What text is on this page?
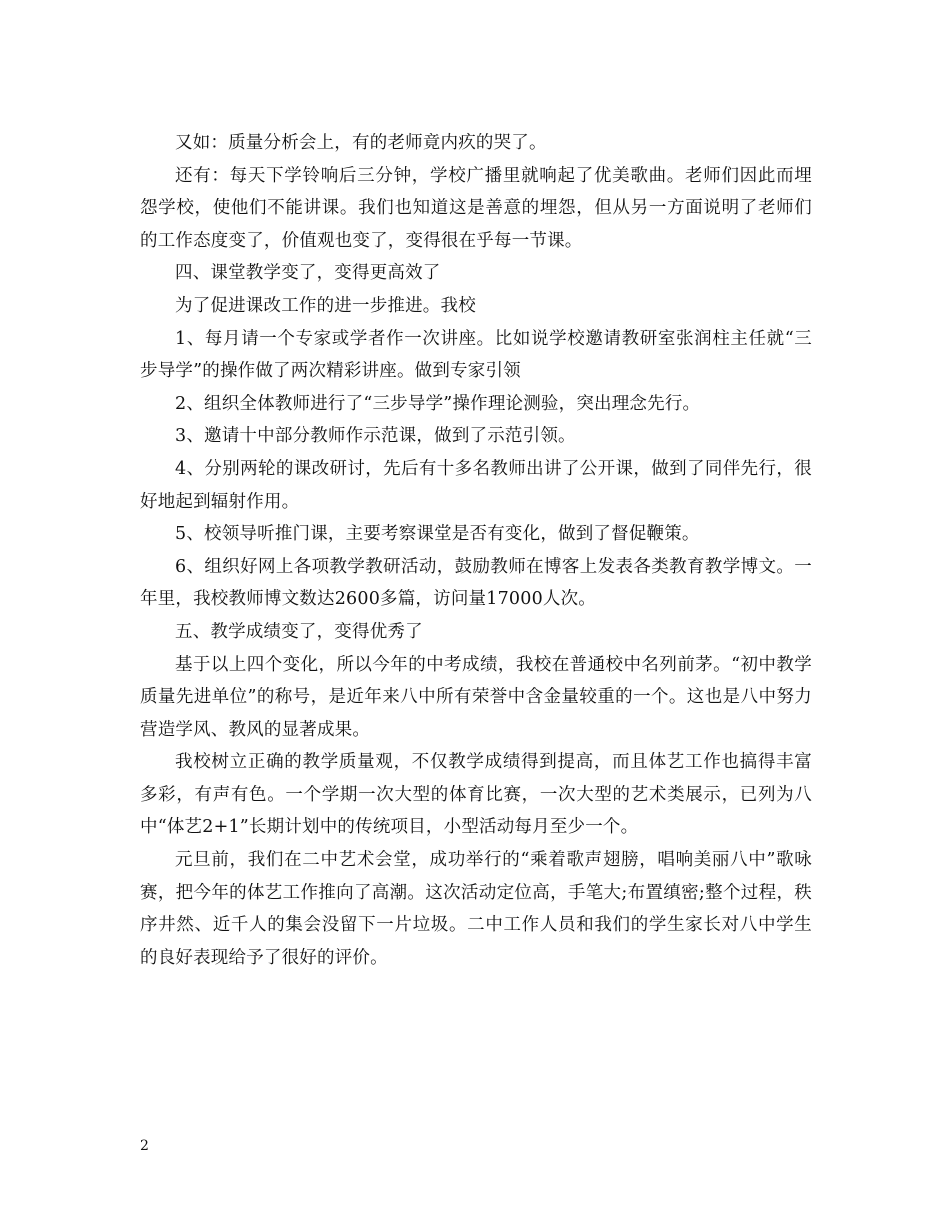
又如：质量分析会上，有的老师竟内疚的哭了。

还有：每天下学铃响后三分钟，学校广播里就响起了优美歌曲。老师们因此而埋怨学校，使他们不能讲课。我们也知道这是善意的埋怨，但从另一方面说明了老师们的工作态度变了，价值观也变了，变得很在乎每一节课。

四、课堂教学变了，变得更高效了

为了促进课改工作的进一步推进。我校

1、每月请一个专家或学者作一次讲座。比如说学校邀请教研室张润柱主任就“三步导学”的操作做了两次精彩讲座。做到专家引领

2、组织全体教师进行了“三步导学”操作理论测验，突出理念先行。

3、邀请十中部分教师作示范课，做到了示范引领。

4、分别两轮的课改研讨，先后有十多名教师出讲了公开课，做到了同伴先行，很好地起到辐射作用。

5、校领导听推门课，主要考察课堂是否有变化，做到了督促鞭策。

6、组织好网上各项教学教研活动，鼓励教师在博客上发表各类教育教学博文。一年里，我校教师博文数达2600多篇，访问量17000人次。

五、教学成绩变了，变得优秀了

基于以上四个变化，所以今年的中考成绩，我校在普通校中名列前茅。“初中教学质量先进单位”的称号，是近年来八中所有荣誉中含金量较重的一个。这也是八中努力营造学风、教风的显著成果。

我校树立正确的教学质量观，不仅教学成绩得到提高，而且体艺工作也搞得丰富多彩，有声有色。一个学期一次大型的体育比赛，一次大型的艺术类展示，已列为八中“体艺2+1”长期计划中的传统项目，小型活动每月至少一个。

元旦前，我们在二中艺术会堂，成功举行的“乘着歌声翅膀，唱响美丽八中”歌咏赛，把今年的体艺工作推向了高潮。这次活动定位高，手笔大;布置缜密;整个过程，秩序井然、近千人的集会没留下一片垃圾。二中工作人员和我们的学生家长对八中学生的良好表现给予了很好的评价。

2
